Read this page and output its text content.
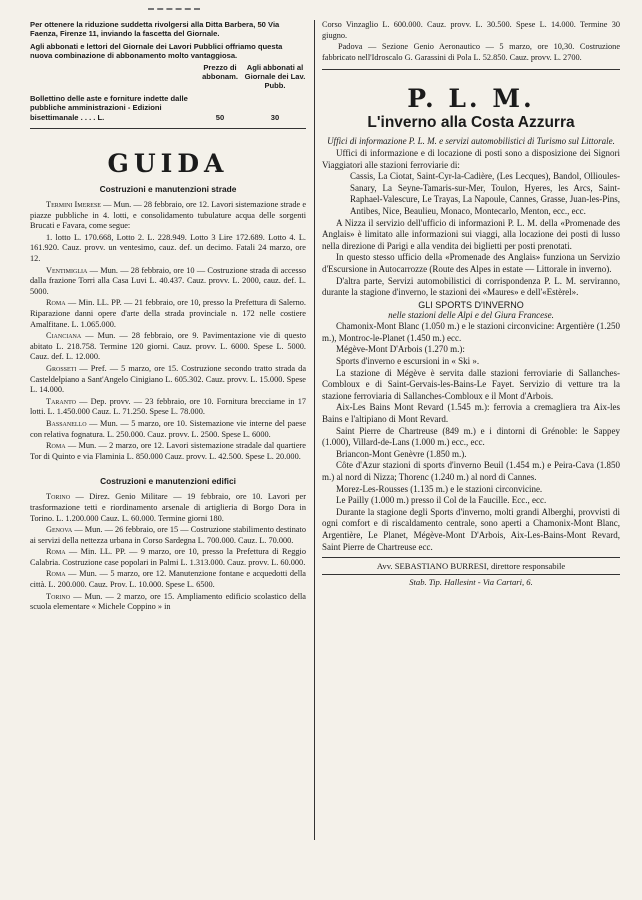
Per ottenere la riduzione suddetta rivolgersi alla Ditta Barbera, 50 Via Faenza, Firenze 11, inviando la fascetta del Giornale.

Agli abbonati e lettori del Giornale dei Lavori Pubblici offriamo questa nuova combinazione di abbonamento molto vantaggiosa.

Prezzo di abbonam.
Agli abbonati al Giornale dei Lav. Pubb.
Bollettino delle aste e forniture indette dalle pubbliche amministrazioni - Edizioni bisettimanale . . . . L.	50	30
GUIDA
Costruzioni e manutenzioni strade

Termini Imerese — Mun. — 28 febbraio, ore 12. Lavori sistemazione strade e piazze pubbliche in 4. lotti, e consolidamento tubulature acqua delle sorgenti Brucati e Favara, come segue:

1. lotto L. 170.668, Lotto 2. L. 228.949. Lotto 3 Lire 172.689. Lotto 4. L. 161.920. Cauz. provv. un ventesimo, cauz. def. un decimo. Fatali 24 marzo, ore 12.

Ventimiglia — Mun. — 28 febbraio, ore 10 — Costruzione strada di accesso dalla frazione Torri alla Casa Luvi L. 40.437. Cauz. provv. L. 2000, cauz. def. L. 5000.

Roma — Min. LL. PP. — 21 febbraio, ore 10, presso la Prefettura di Salerno. Riparazione danni opere d'arte della strada provinciale n. 172 nelle costiere Amalfitane. L. 1.065.000.

Cianciana — Mun. — 28 febbraio, ore 9. Pavimentazione vie di questo abitato L. 218.758. Termine 120 giorni. Cauz. provv. L. 6000. Spese L. 5000. Cauz. def. L. 12.000.

Grosseti — Pref. — 5 marzo, ore 15. Costruzione secondo tratto strada da Casteldelpiano a Sant'Angelo Cinigiano L. 605.302. Cauz. provv. L. 15.000. Spese L. 14.000.

Taranto — Dep. provv. — 23 febbraio, ore 10. Fornitura brecciame in 17 lotti. L. 1.450.000 Cauz. L. 71.250. Spese L. 78.000.

Bassanello — Mun. — 5 marzo, ore 10. Sistemazione vie interne del paese con relativa fognatura. L. 250.000. Cauz. provv. L. 2500. Spese L. 6000.

Roma — Mun. — 2 marzo, ore 12. Lavori sistemazione stradale dal quartiere Tor di Quinto e via Flaminia L. 850.000 Cauz. provv. L. 42.500. Spese L. 20.000.

Costruzioni e manutenzioni edifici

Torino — Direz. Genio Militare — 19 febbraio, ore 10. Lavori per trasformazione tetti e riordinamento arsenale di artiglieria di Borgo Dora in Torino. L. 1.200.000 Cauz. L. 60.000. Termine giorni 180.

Genova — Mun. — 26 febbraio, ore 15 — Costruzione stabilimento destinato ai servizi della nettezza urbana in Corso Sardegna L. 700.000. Cauz. L. 70.000.

Roma — Min. LL. PP. — 9 marzo, ore 10, presso la Prefettura di Reggio Calabria. Costruzione case popolari in Palmi L. 1.313.000. Cauz. provv. L. 60.000.

Roma — Mun. — 5 marzo, ore 12. Manutenzione fontane e acquedotti della città. L. 200.000. Cauz. Prov. L. 10.000. Spese L. 6500.

Torino — Mun. — 2 marzo, ore 15. Ampliamento edificio scolastico della scuola elementare « Michele Coppino » in

Corso Vinzaglio L. 600.000. Cauz. provv. L. 30.500. Spese L. 14.000. Termine 30 giugno.

Padova — Sezione Genio Aeronautico — 5 marzo, ore 10,30. Costruzione fabbricato nell'Idroscalo G. Garassini di Pola L. 52.850. Cauz. provv. L. 2700.

P. L. M.
L'inverno alla Costa Azzurra

Uffici di informazione P. L. M. e servizi automobilistici di Turismo sul Littorale.

Uffici di informazione e di locazione di posti sono a disposizione dei Signori Viaggiatori alle stazioni ferroviarie di:

Cassis, La Ciotat, Saint-Cyr-la-Cadière, (Les Lecques), Bandol, Ollioules-Sanary, La Seyne-Tamaris-sur-Mer, Toulon, Hyeres, les Arcs, Saint-Raphael-Valescure, Le Trayas, La Napoule, Cannes, Grasse, Juan-les-Pins, Antibes, Nice, Beaulieu, Monaco, Montecarlo, Menton, ecc., ecc.

A Nizza il servizio dell'ufficio di informazioni P. L. M. della «Promenade des Anglais» è limitato alle informazioni sui viaggi, alla locazione dei posti di lusso nella direzione di Parigi e alla vendita dei biglietti per posti prenotati.

In questo stesso ufficio della «Promenade des Anglais» funziona un Servizio d'Escursione in Autocarrozze (Route des Alpes in estate — Littorale in inverno).

D'altra parte, Servizi automobilistici di corrispondenza P. L. M. serviranno, durante la stagione d'inverno, le stazioni dei «Maures» e dell'«Estèrel».

GLI SPORTS D'INVERNO

nelle stazioni delle Alpi e del Giura Francese.

Chamonix-Mont Blanc (1.050 m.) e le stazioni circonvicine: Argentière (1.250 m.), Montroc-le-Planet (1.450 m.) ecc.

Mégève-Mont D'Arbois (1.270 m.):

Sports d'inverno e escursioni in « Ski ».

La stazione di Mégève è servita dalle stazioni ferroviarie di Sallanches-Combloux e di Saint-Gervais-les-Bains-Le Fayet. Servizio di vetture tra la stazione ferroviaria di Sallanches-Combloux e il Mont d'Arbois.

Aix-Les Bains Mont Revard (1.545 m.): ferrovia a cremagliera tra Aix-les Bains e l'altipiano di Mont Revard.

Saint Pierre de Chartreuse (849 m.) e i dintorni di Grénoble: le Sappey (1.000), Villard-de-Lans (1.000 m.) ecc., ecc.

Briancon-Mont Genèvre (1.850 m.).

Côte d'Azur stazioni di sports d'inverno Beuil (1.454 m.) e Peira-Cava (1.850 m.) al nord di Nizza; Thorenc (1.240 m.) al nord di Cannes.

Morez-Les-Rousses (1.135 m.) e le stazioni circonvicine.

Le Pailly (1.000 m.) presso il Col de la Faucille. Ecc., ecc.

Durante la stagione degli Sports d'inverno, molti grandi Alberghi, provvisti di ogni comfort e di riscaldamento centrale, sono aperti a Chamonix-Mont Blanc, Argentière, Le Planet, Mégève-Mont D'Arbois, Aix-Les-Bains-Mont Revard, Saint Pierre de Chartreuse ecc.

Avv. SEBASTIANO BURRESI, direttore responsabile
Stab. Tip. Hallesint - Via Cartari, 6.
